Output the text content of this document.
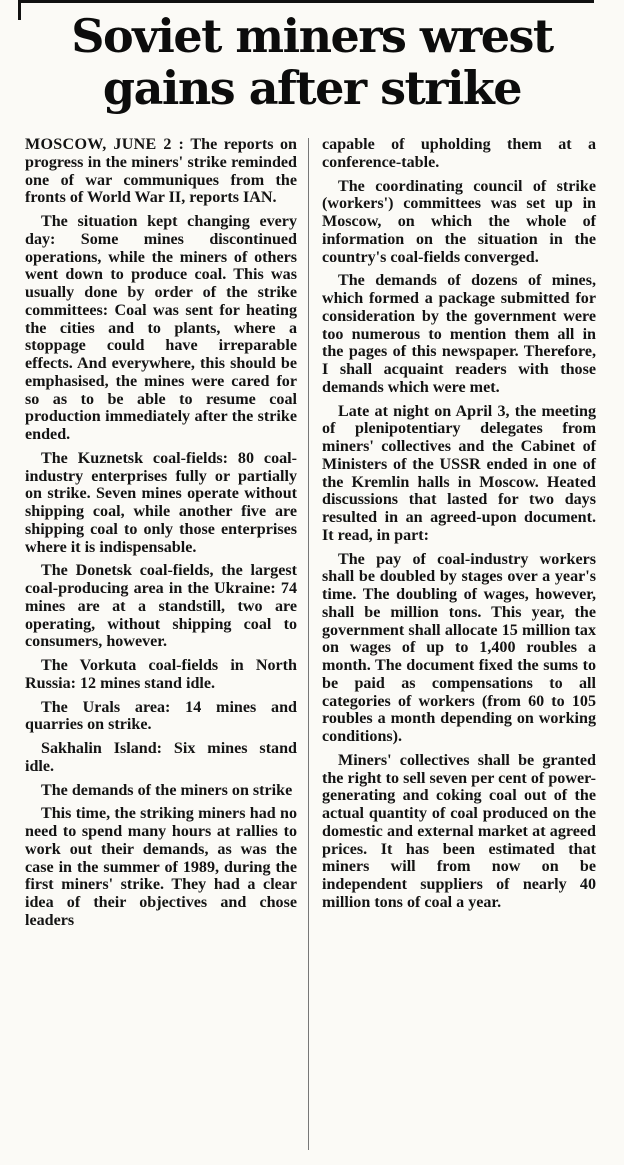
Soviet miners wrest
gains after strike

MOSCOW, JUNE 2 : The reports on progress in the miners' strike reminded one of war communiques from the fronts of World War II, reports IAN.

The situation kept changing every day: Some mines discontinued operations, while the miners of others went down to produce coal. This was usually done by order of the strike committees: Coal was sent for heating the cities and to plants, where a stoppage could have irreparable effects. And everywhere, this should be emphasised, the mines were cared for so as to be able to resume coal production immediately after the strike ended.

The Kuznetsk coal-fields: 80 coal-industry enterprises fully or partially on strike. Seven mines operate without shipping coal, while another five are shipping coal to only those enterprises where it is indispensable.

The Donetsk coal-fields, the largest coal-producing area in the Ukraine: 74 mines are at a standstill, two are operating, without shipping coal to consumers, however.

The Vorkuta coal-fields in North Russia: 12 mines stand idle.

The Urals area: 14 mines and quarries on strike.

Sakhalin Island: Six mines stand idle.

The demands of the miners on strike

This time, the striking miners had no need to spend many hours at rallies to work out their demands, as was the case in the summer of 1989, during the first miners' strike. They had a clear idea of their objectives and chose leaders

capable of upholding them at a conference-table.

The coordinating council of strike (workers') committees was set up in Moscow, on which the whole of information on the situation in the country's coal-fields converged.

The demands of dozens of mines, which formed a package submitted for consideration by the government were too numerous to mention them all in the pages of this newspaper. Therefore, I shall acquaint readers with those demands which were met.

Late at night on April 3, the meeting of plenipotentiary delegates from miners' collectives and the Cabinet of Ministers of the USSR ended in one of the Kremlin halls in Moscow. Heated discussions that lasted for two days resulted in an agreed-upon document. It read, in part:

The pay of coal-industry workers shall be doubled by stages over a year's time. The doubling of wages, however, shall be million tons. This year, the government shall allocate 15 million tax on wages of up to 1,400 roubles a month. The document fixed the sums to be paid as compensations to all categories of workers (from 60 to 105 roubles a month depending on working conditions).

Miners' collectives shall be granted the right to sell seven per cent of power-generating and coking coal out of the actual quantity of coal produced on the domestic and external market at agreed prices. It has been estimated that miners will from now on be independent suppliers of nearly 40 million tons of coal a year.
